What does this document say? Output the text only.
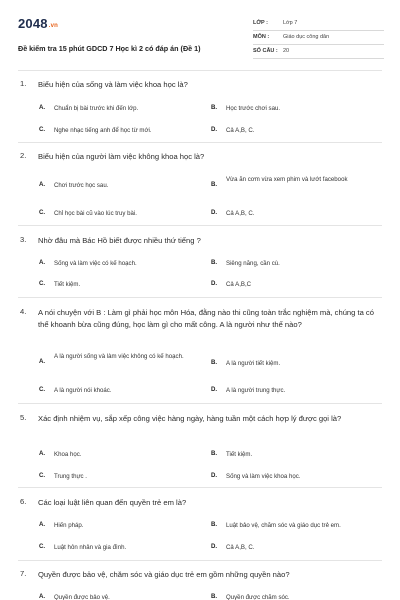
2048.vn
Đề kiểm tra 15 phút GDCD 7 Học kì 2 có đáp án (Đề 1)
LỚP :	Lớp 7
MÔN :	Giáo dục công dân
SỐ CÂU : 20
1. Biểu hiện của sống và làm việc khoa học là?
A. Chuẩn bị bài trước khi đến lớp.	B. Học trước chơi sau.
C. Nghe nhạc tiếng anh để học từ mới.	D. Cả A,B, C.
2. Biểu hiện của người làm việc không khoa học là?
A. Chơi trước học sau.	B.
Vừa ăn cơm vừa xem phim và lướt facebook
C. Chỉ học bài cũ vào lúc truy bài.	D. Cả A,B, C.
3. Nhờ đâu mà Bác Hồ biết được nhiều thứ tiếng ?
A. Sống và làm việc có kế hoạch.	B. Siêng năng, cần cù.
C. Tiết kiệm.	D. Cả A,B,C
4. A nói chuyện với B : Làm gì phải học môn Hóa, đằng nào thi cũng toàn trắc nghiệm mà, chúng ta có thể khoanh bừa cũng đúng, học làm gì cho mất công. A là người như thế nào?
A.
A là người sống và làm việc không có kế hoạch.
B. A là người tiết kiệm.
C. A là người nói khoác.	D. A là người trung thực.
5. Xác định nhiệm vụ, sắp xếp công việc hàng ngày, hàng tuần một cách hợp lý được gọi là?
A. Khoa học.	B. Tiết kiệm.
C. Trung thực .	D. Sống và làm việc khoa học.
6. Các loại luật liên quan đến quyền trẻ em là?
A. Hiến pháp.	B. Luật bảo vệ, chăm sóc và giáo dục trẻ em.
C. Luật hôn nhân và gia đình.	D. Cả A,B, C.
7. Quyền được bảo vệ, chăm sóc và giáo dục trẻ em gồm những quyền nào?
A. Quyền được bảo vệ.	B. Quyền được chăm sóc.
